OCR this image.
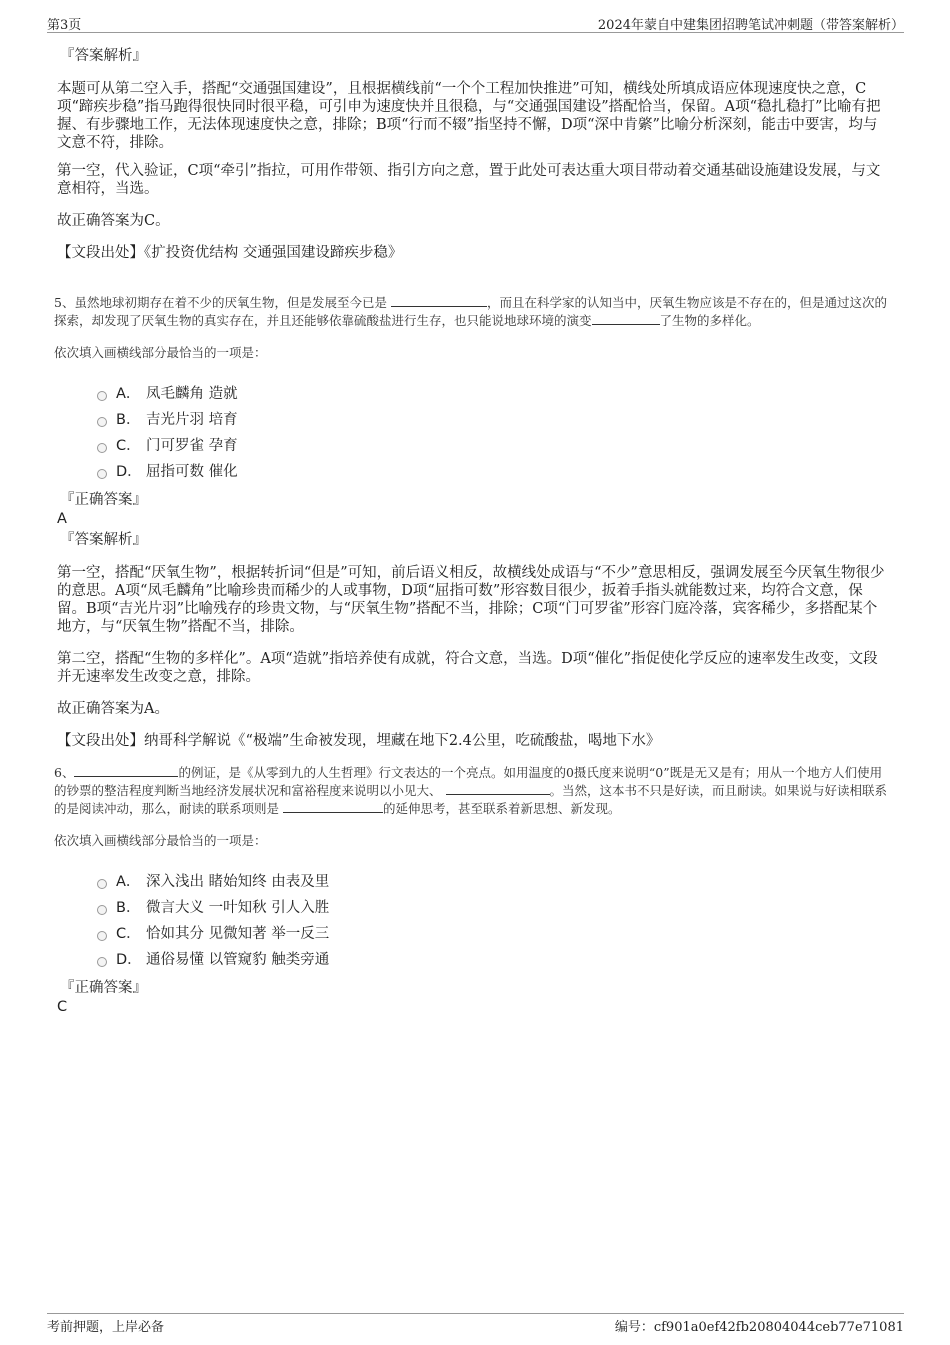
第3页	2024年蒙自中建集团招聘笔试冲刺题（带答案解析）

『答案解析』

本题可从第二空入手，搭配“交通强国建设”，且根据横线前“一个个工程加快推进”可知，横线处所填成语应体现速度快之意，C项“蹄疾步稳”指马跑得很快同时很平稳，可引申为速度快并且很稳，与“交通强国建设”搭配恰当，保留。A项“稳扎稳打”比喻有把握、有步骤地工作，无法体现速度快之意，排除；B项“行而不辍”指坚持不懈，D项“深中肯綮”比喻分析深刻，能击中要害，均与文意不符，排除。

第一空，代入验证，C项“牵引”指拉，可用作带领、指引方向之意，置于此处可表达重大项目带动着交通基础设施建设发展，与文意相符，当选。

故正确答案为C。

【文段出处】《扩投资优结构 交通强国建设蹄疾步稳》

5、虽然地球初期存在着不少的厌氧生物，但是发展至今已是	，而且在科学家的认知当中，厌氧生物应该是不存在的，但是通过这次的探索，却发现了厌氧生物的真实存在，并且还能够依靠硫酸盐进行生存，也只能说地球环境的演变	了生物的多样化。

依次填入画横线部分最恰当的一项是：

A． 凤毛麟角 造就
B． 吉光片羽 培育
C． 门可罗雀 孕育
D． 屈指可数 催化

『正确答案』

A

『答案解析』

第一空，搭配“厌氧生物”，根据转折词“但是”可知，前后语义相反，故横线处成语与“不少”意思相反，强调发展至今厌氧生物很少的意思。A项“凤毛麟角”比喻珍贵而稀少的人或事物，D项“屈指可数”形容数目很少，扳着手指头就能数过来，均符合文意，保留。B项“吉光片羽”比喻残存的珍贵文物，与“厌氧生物”搭配不当，排除；C项“门可罗雀”形容门庭冷落，宾客稀少，多搭配某个地方，与“厌氧生物”搭配不当，排除。

第二空，搭配“生物的多样化”。A项“造就”指培养使有成就，符合文意，当选。D项“催化”指促使化学反应的速率发生改变，文段并无速率发生改变之意，排除。

故正确答案为A。

【文段出处】纳哥科学解说《“极端”生命被发现，埋藏在地下2.4公里，吃硫酸盐，喝地下水》

6、	的例证，是《从零到九的人生哲理》行文表达的一个亮点。如用温度的0摄氏度来说明“0”既是无又是有；用从一个地方人们使用的钞票的整洁程度判断当地经济发展状况和富裕程度来说明以小见大、	。当然，这本书不只是好读，而且耐读。如果说与好读相联系的是阅读冲动，那么，耐读的联系项则是	的延伸思考，甚至联系着新思想、新发现。

依次填入画横线部分最恰当的一项是：

A． 深入浅出 睹始知终 由表及里
B． 微言大义 一叶知秋 引人入胜
C． 恰如其分 见微知著 举一反三
D． 通俗易懂 以管窥豹 触类旁通

『正确答案』

C

考前押题，上岸必备	编号：cf901a0ef42fb20804044ceb77e71081
